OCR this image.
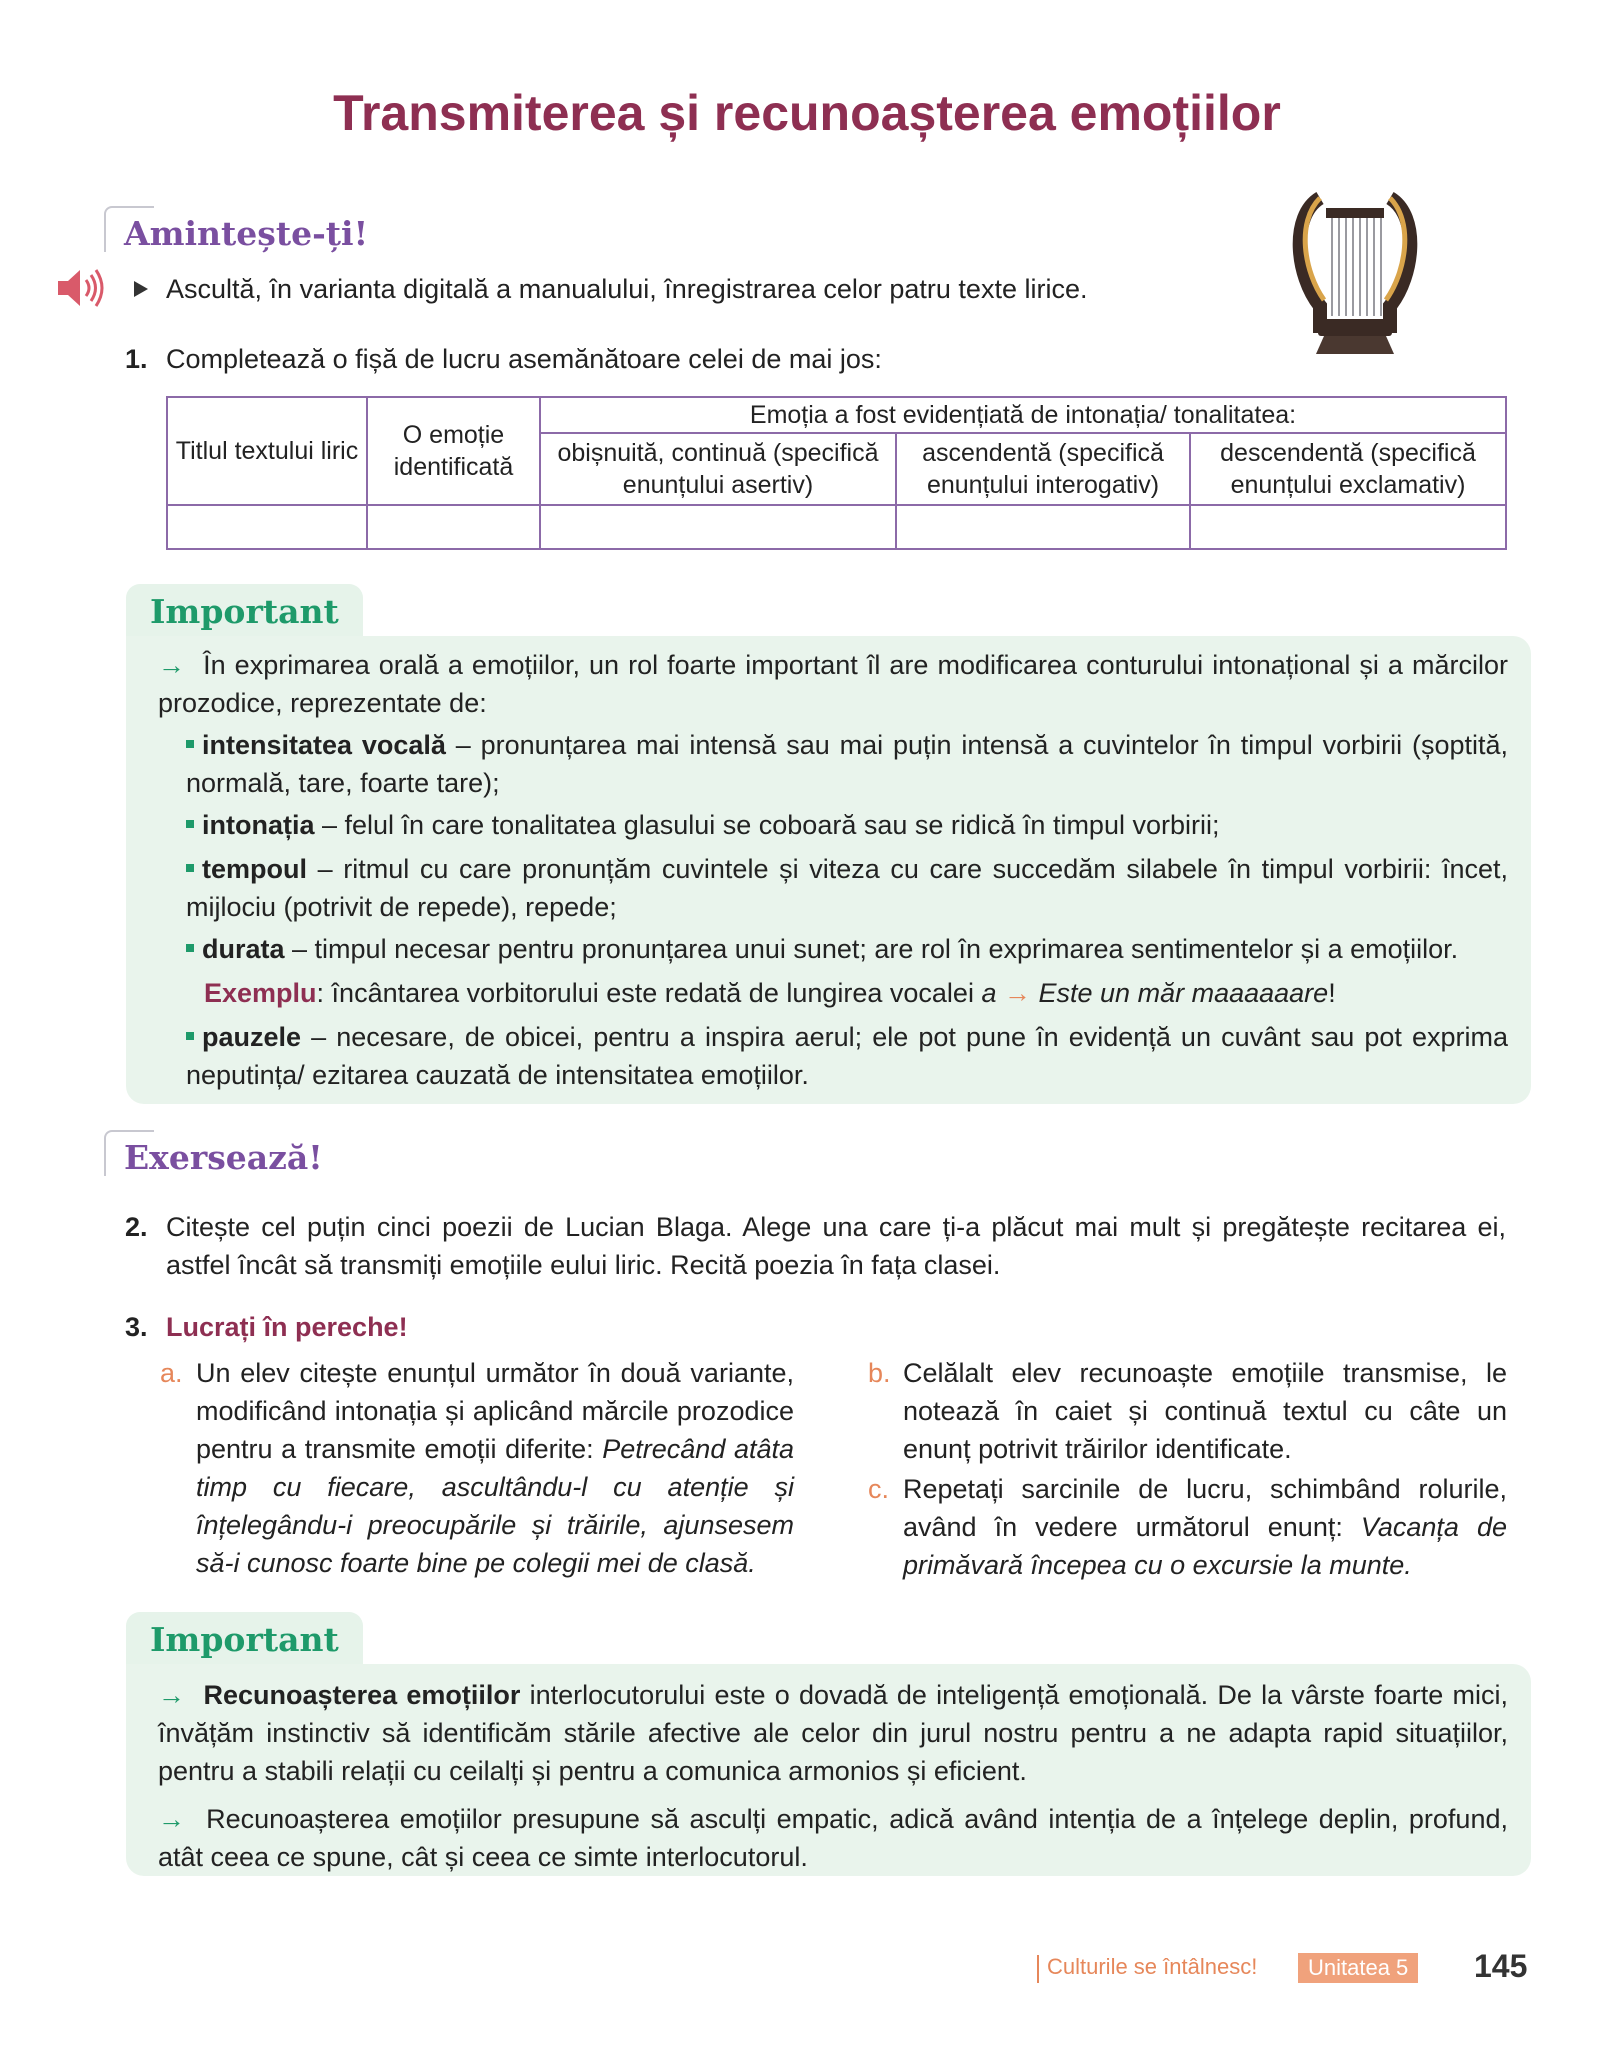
Transmiterea și recunoașterea emoțiilor
Amintește-ți!
Ascultă, în varianta digitală a manualului, înregistrarea celor patru texte lirice.
1. Completează o fișă de lucru asemănătoare celei de mai jos:
Titlul textului liric	O emoție identificată	Emoția a fost evidențiată de intonația/ tonalitatea:		
		obișnuită, continuă (specifică enunțului asertiv)	ascendentă (specifică enunțului interogativ)	descendentă (specifică enunțului exclamativ)

Important
→ În exprimarea orală a emoțiilor, un rol foarte important îl are modificarea conturului intonațional și a mărcilor prozodice, reprezentate de:
intensitatea vocală – pronunțarea mai intensă sau mai puțin intensă a cuvintelor în timpul vorbirii (șoptită, normală, tare, foarte tare);
intonația – felul în care tonalitatea glasului se coboară sau se ridică în timpul vorbirii;
tempoul – ritmul cu care pronunțăm cuvintele și viteza cu care succedăm silabele în timpul vorbirii: încet, mijlociu (potrivit de repede), repede;
durata – timpul necesar pentru pronunțarea unui sunet; are rol în exprimarea sentimentelor și a emoțiilor.
Exemplu: încântarea vorbitorului este redată de lungirea vocalei a → Este un măr maaaaaare!
pauzele – necesare, de obicei, pentru a inspira aerul; ele pot pune în evidență un cuvânt sau pot exprima neputința/ ezitarea cauzată de intensitatea emoțiilor.
Exersează!
2. Citește cel puțin cinci poezii de Lucian Blaga. Alege una care ți-a plăcut mai mult și pregătește recitarea ei, astfel încât să transmiți emoțiile eului liric. Recită poezia în fața clasei.
3. Lucrați în pereche!
a. Un elev citește enunțul următor în două variante, modificând intonația și aplicând mărcile prozodice pentru a transmite emoții diferite: Petrecând atâta timp cu fiecare, ascultându-l cu atenție și înțelegându-i preocupările și trăirile, ajunsesem să-i cunosc foarte bine pe colegii mei de clasă.
b. Celălalt elev recunoaște emoțiile transmise, le notează în caiet și continuă textul cu câte un enunț potrivit trăirilor identificate.
c. Repetați sarcinile de lucru, schimbând rolurile, având în vedere următorul enunț: Vacanța de primăvară începea cu o excursie la munte.
Important
→ Recunoașterea emoțiilor interlocutorului este o dovadă de inteligență emoțională. De la vârste foarte mici, învățăm instinctiv să identificăm stările afective ale celor din jurul nostru pentru a ne adapta rapid situațiilor, pentru a stabili relații cu ceilalți și pentru a comunica armonios și eficient.
→ Recunoașterea emoțiilor presupune să asculți empatic, adică având intenția de a înțelege deplin, profund, atât ceea ce spune, cât și ceea ce simte interlocutorul.
Culturile se întâlnesc!	Unitatea 5	145
